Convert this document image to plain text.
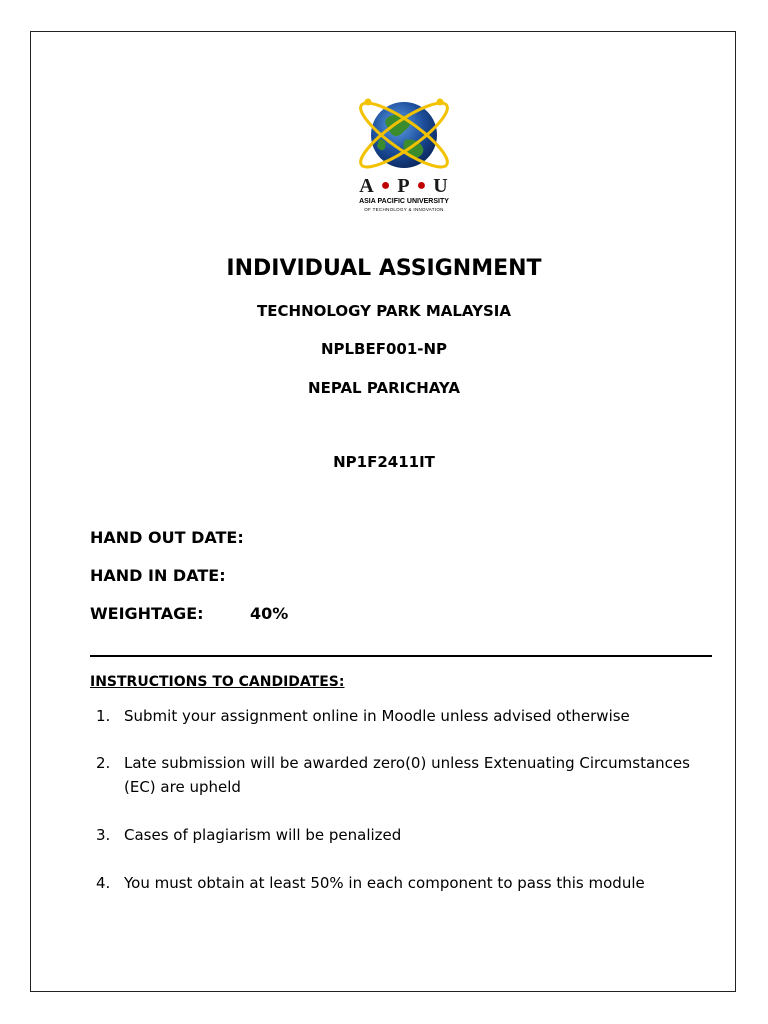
A ● P ● U
ASIA PACIFIC UNIVERSITY
OF TECHNOLOGY & INNOVATION
INDIVIDUAL ASSIGNMENT
TECHNOLOGY PARK MALAYSIA
NPLBEF001-NP
NEPAL PARICHAYA
NP1F2411IT
HAND OUT DATE:
HAND IN DATE:
WEIGHTAGE:	40%
INSTRUCTIONS TO CANDIDATES:
1. Submit your assignment online in Moodle unless advised otherwise
2. Late submission will be awarded zero(0) unless Extenuating Circumstances (EC) are upheld
3. Cases of plagiarism will be penalized
4. You must obtain at least 50% in each component to pass this module
